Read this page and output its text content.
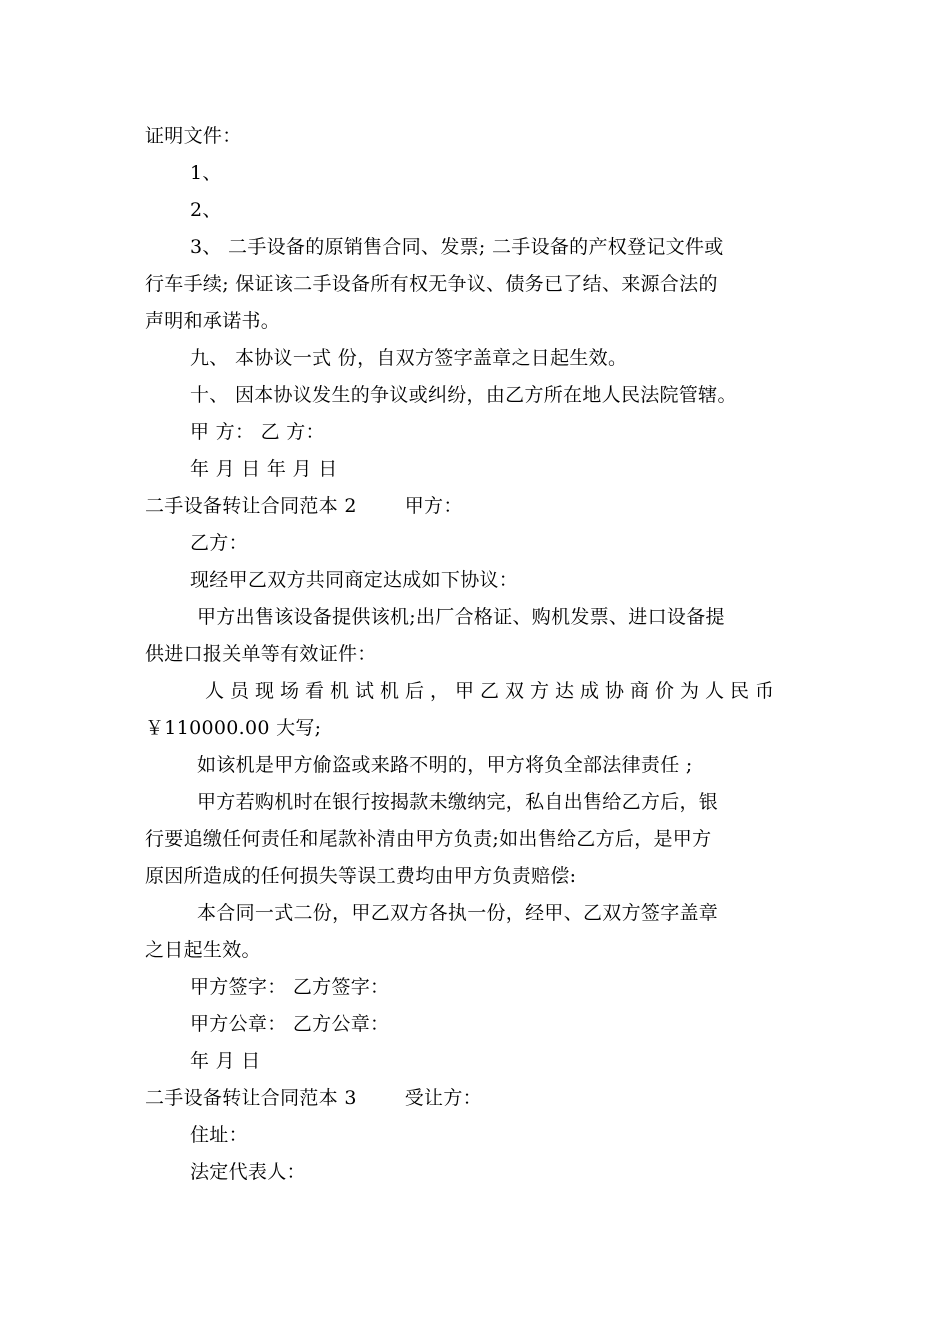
证明文件：
1、
2、
3、 二手设备的原销售合同、发票; 二手设备的产权登记文件或
行车手续; 保证该二手设备所有权无争议、债务已了结、来源合法的
声明和承诺书。
九、 本协议一式 份，自双方签字盖章之日起生效。
十、 因本协议发生的争议或纠纷，由乙方所在地人民法院管辖。
甲 方： 乙 方：
年 月 日 年 月 日
二手设备转让合同范本 2	甲方：
乙方：
现经甲乙双方共同商定达成如下协议：
甲方出售该设备提供该机;出厂合格证、购机发票、进口设备提
供进口报关单等有效证件：
人员现场看机试机后，甲乙双方达成协商价为人民币
￥110000.00 大写;
如该机是甲方偷盗或来路不明的，甲方将负全部法律责任 ;
甲方若购机时在银行按揭款未缴纳完，私自出售给乙方后，银
行要追缴任何责任和尾款补清由甲方负责;如出售给乙方后，是甲方
原因所造成的任何损失等误工费均由甲方负责赔偿:
本合同一式二份，甲乙双方各执一份，经甲、乙双方签字盖章
之日起生效。
甲方签字： 乙方签字：
甲方公章： 乙方公章：
年 月 日
二手设备转让合同范本 3	受让方：
住址：
法定代表人：
